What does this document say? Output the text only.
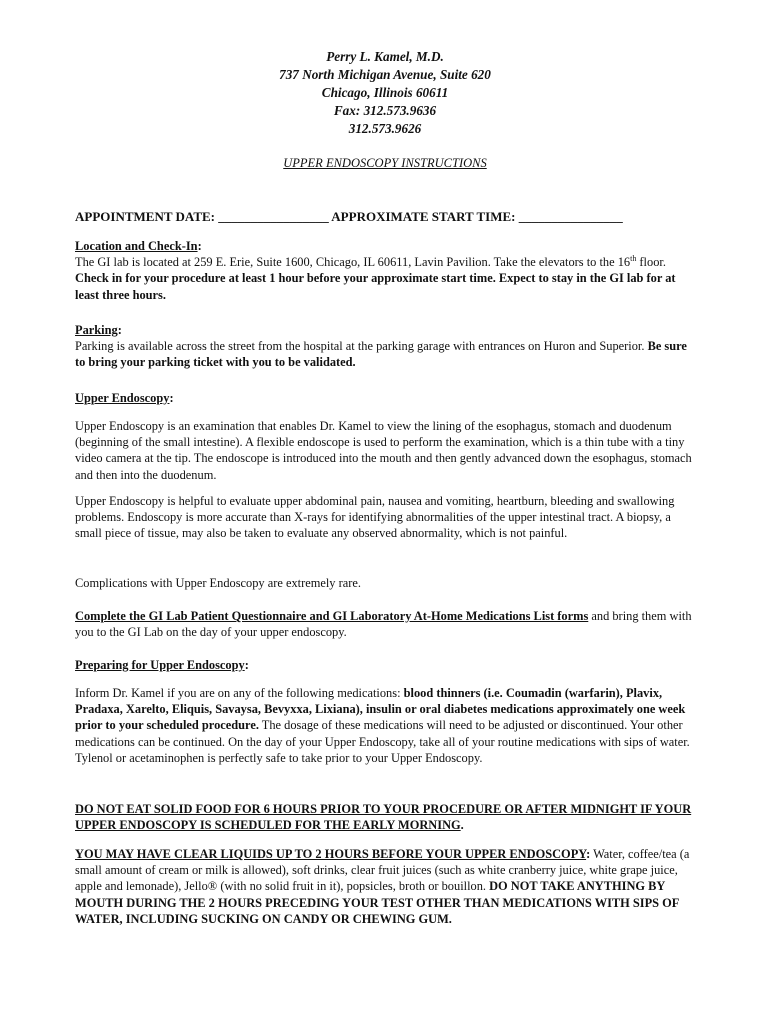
Perry L. Kamel, M.D.
737 North Michigan Avenue, Suite 620
Chicago, Illinois 60611
Fax: 312.573.9636
312.573.9626
UPPER ENDOSCOPY INSTRUCTIONS
APPOINTMENT DATE: _________________ APPROXIMATE START TIME: ________________
Location and Check-In:
The GI lab is located at 259 E. Erie, Suite 1600, Chicago, IL 60611, Lavin Pavilion. Take the elevators to the 16th floor. Check in for your procedure at least 1 hour before your approximate start time. Expect to stay in the GI lab for at least three hours.
Parking:
Parking is available across the street from the hospital at the parking garage with entrances on Huron and Superior. Be sure to bring your parking ticket with you to be validated.
Upper Endoscopy:
Upper Endoscopy is an examination that enables Dr. Kamel to view the lining of the esophagus, stomach and duodenum (beginning of the small intestine). A flexible endoscope is used to perform the examination, which is a thin tube with a tiny video camera at the tip. The endoscope is introduced into the mouth and then gently advanced down the esophagus, stomach and then into the duodenum.
Upper Endoscopy is helpful to evaluate upper abdominal pain, nausea and vomiting, heartburn, bleeding and swallowing problems. Endoscopy is more accurate than X-rays for identifying abnormalities of the upper intestinal tract. A biopsy, a small piece of tissue, may also be taken to evaluate any observed abnormality, which is not painful.
Complications with Upper Endoscopy are extremely rare.
Complete the GI Lab Patient Questionnaire and GI Laboratory At-Home Medications List forms and bring them with you to the GI Lab on the day of your upper endoscopy.
Preparing for Upper Endoscopy:
Inform Dr. Kamel if you are on any of the following medications: blood thinners (i.e. Coumadin (warfarin), Plavix, Pradaxa, Xarelto, Eliquis, Savaysa, Bevyxxa, Lixiana), insulin or oral diabetes medications approximately one week prior to your scheduled procedure. The dosage of these medications will need to be adjusted or discontinued. Your other medications can be continued. On the day of your Upper Endoscopy, take all of your routine medications with sips of water. Tylenol or acetaminophen is perfectly safe to take prior to your Upper Endoscopy.
DO NOT EAT SOLID FOOD FOR 6 HOURS PRIOR TO YOUR PROCEDURE OR AFTER MIDNIGHT IF YOUR UPPER ENDOSCOPY IS SCHEDULED FOR THE EARLY MORNING.
YOU MAY HAVE CLEAR LIQUIDS UP TO 2 HOURS BEFORE YOUR UPPER ENDOSCOPY: Water, coffee/tea (a small amount of cream or milk is allowed), soft drinks, clear fruit juices (such as white cranberry juice, white grape juice, apple and lemonade), Jello® (with no solid fruit in it), popsicles, broth or bouillon. DO NOT TAKE ANYTHING BY MOUTH DURING THE 2 HOURS PRECEDING YOUR TEST OTHER THAN MEDICATIONS WITH SIPS OF WATER, INCLUDING SUCKING ON CANDY OR CHEWING GUM.
